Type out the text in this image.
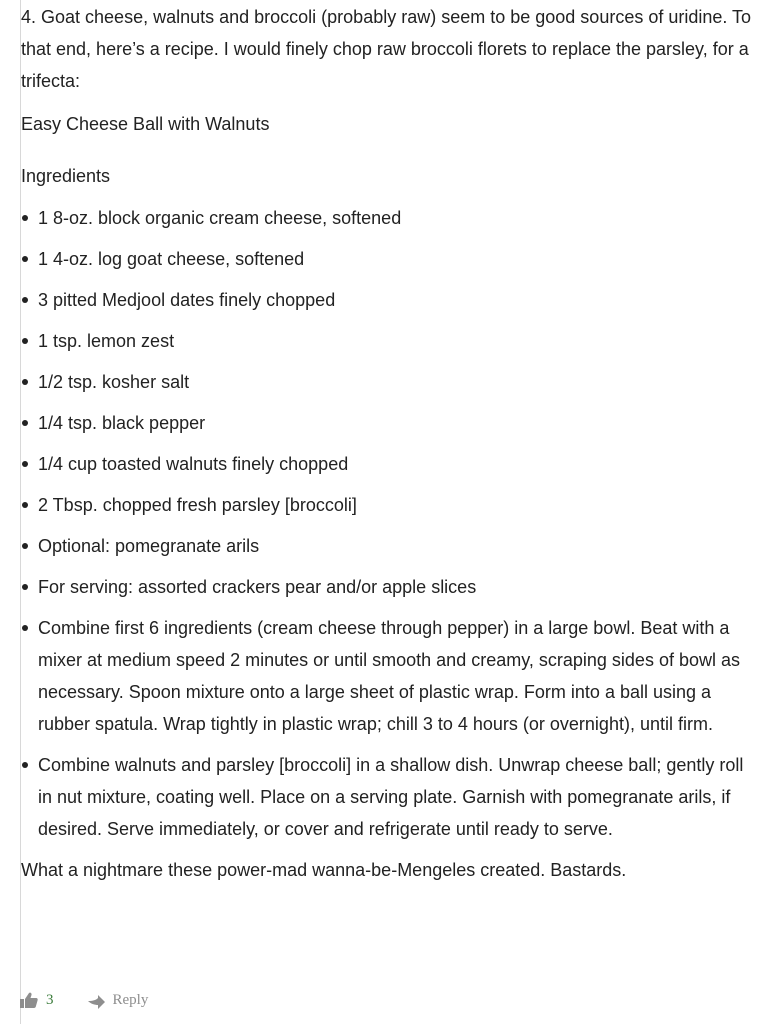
4. Goat cheese, walnuts and broccoli (probably raw) seem to be good sources of uridine. To that end, here’s a recipe. I would finely chop raw broccoli florets to replace the parsley, for a trifecta:

Easy Cheese Ball with Walnuts

Ingredients

1 8-oz. block organic cream cheese, softened
1 4-oz. log goat cheese, softened
3 pitted Medjool dates finely chopped
1 tsp. lemon zest
1/2 tsp. kosher salt
1/4 tsp. black pepper
1/4 cup toasted walnuts finely chopped
2 Tbsp. chopped fresh parsley [broccoli]
Optional: pomegranate arils
For serving: assorted crackers pear and/or apple slices
Combine first 6 ingredients (cream cheese through pepper) in a large bowl. Beat with a mixer at medium speed 2 minutes or until smooth and creamy, scraping sides of bowl as necessary. Spoon mixture onto a large sheet of plastic wrap. Form into a ball using a rubber spatula. Wrap tightly in plastic wrap; chill 3 to 4 hours (or overnight), until firm.
Combine walnuts and parsley [broccoli] in a shallow dish. Unwrap cheese ball; gently roll in nut mixture, coating well. Place on a serving plate. Garnish with pomegranate arils, if desired. Serve immediately, or cover and refrigerate until ready to serve.

What a nightmare these power-mad wanna-be-Mengeles created. Bastards.

3	Reply
